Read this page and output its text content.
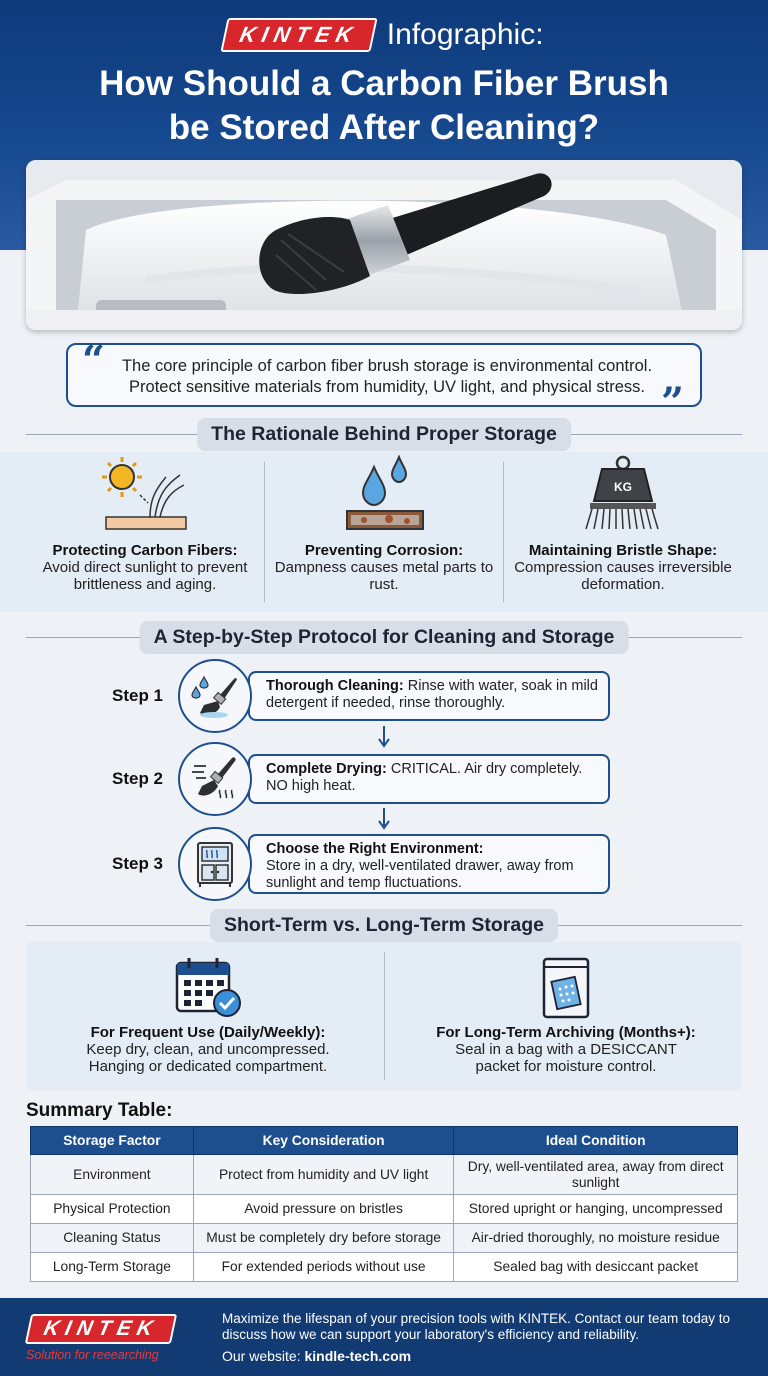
KINTEK Infographic:
How Should a Carbon Fiber Brush
be Stored After Cleaning?
“	The core principle of carbon fiber brush storage is environmental control. Protect sensitive materials from humidity, UV light, and physical stress. ”
The Rationale Behind Proper Storage
Protecting Carbon Fibers:
Avoid direct sunlight to prevent brittleness and aging.
Preventing Corrosion:
Dampness causes metal parts to rust.
KG
Maintaining Bristle Shape:
Compression causes irreversible deformation.
A Step-by-Step Protocol for Cleaning and Storage
Step 1	Thorough Cleaning: Rinse with water, soak in mild detergent if needed, rinse thoroughly.
Step 2	Complete Drying: CRITICAL. Air dry completely. NO high heat.
Step 3
Choose the Right Environment:
Store in a dry, well-ventilated drawer, away from sunlight and temp fluctuations.
Short-Term vs. Long-Term Storage
For Frequent Use (Daily/Weekly):
Keep dry, clean, and uncompressed.
Hanging or dedicated compartment.
For Long-Term Archiving (Months+):
Seal in a bag with a DESICCANT
packet for moisture control.
Summary Table:
Storage Factor	Key Consideration	Ideal Condition
Environment	Protect from humidity and UV light	Dry, well-ventilated area, away from direct sunlight
Physical Protection	Avoid pressure on bristles	Stored upright or hanging, uncompressed
Cleaning Status	Must be completely dry before storage	Air-dried thoroughly, no moisture residue
Long-Term Storage	For extended periods without use	Sealed bag with desiccant packet
KINTEK
Solution for reeearching
Maximize the lifespan of your precision tools with KINTEK. Contact our team today to discuss how we can support your laboratory's efficiency and reliability.
Our website: kindle-tech.com
